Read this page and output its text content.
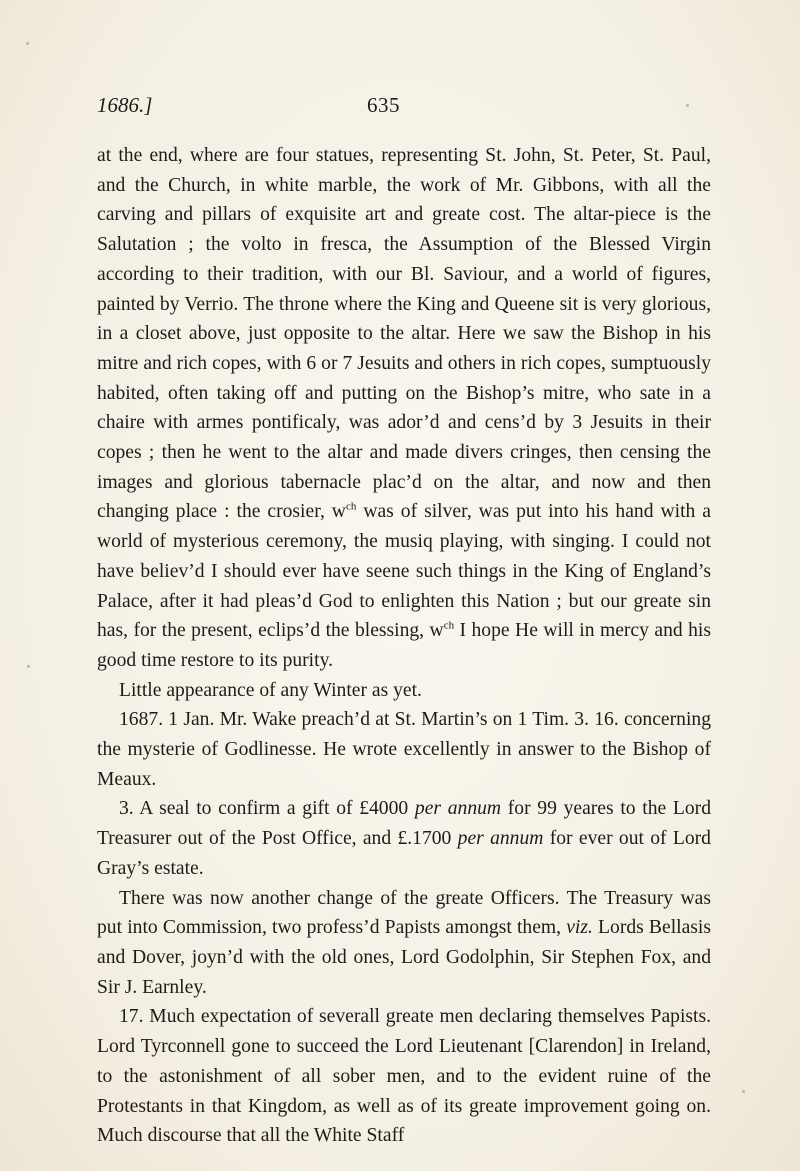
1686.]	635

at the end, where are four statues, representing St. John, St. Peter, St. Paul, and the Church, in white marble, the work of Mr. Gibbons, with all the carving and pillars of exquisite art and greate cost. The altar-piece is the Salutation ; the volto in fresca, the Assumption of the Blessed Virgin according to their tradition, with our Bl. Saviour, and a world of figures, painted by Verrio. The throne where the King and Queene sit is very glorious, in a closet above, just opposite to the altar. Here we saw the Bishop in his mitre and rich copes, with 6 or 7 Jesuits and others in rich copes, sumptuously habited, often taking off and putting on the Bishop’s mitre, who sate in a chaire with armes pontificaly, was ador’d and cens’d by 3 Jesuits in their copes ; then he went to the altar and made divers cringes, then censing the images and glorious tabernacle plac’d on the altar, and now and then changing place : the crosier, $w^{ch}$ was of silver, was put into his hand with a world of mysterious ceremony, the musiq playing, with singing. I could not have believ’d I should ever have seene such things in the King of England’s Palace, after it had pleas’d God to enlighten this Nation ; but our greate sin has, for the present, eclips’d the blessing, $w^{ch}$ I hope He will in mercy and his good time restore to its purity.

Little appearance of any Winter as yet.

1687. 1 Jan. Mr. Wake preach’d at St. Martin’s on 1 Tim. 3. 16. concerning the mysterie of Godlinesse. He wrote excellently in answer to the Bishop of Meaux.

3. A seal to confirm a gift of £4000 per annum for 99 yeares to the Lord Treasurer out of the Post Office, and £.1700 per annum for ever out of Lord Gray’s estate.

There was now another change of the greate Officers. The Treasury was put into Commission, two profess’d Papists amongst them, viz. Lords Bellasis and Dover, joyn’d with the old ones, Lord Godolphin, Sir Stephen Fox, and Sir J. Earnley.

17. Much expectation of severall greate men declaring themselves Papists. Lord Tyrconnell gone to succeed the Lord Lieutenant [Clarendon] in Ireland, to the astonishment of all sober men, and to the evident ruine of the Protestants in that Kingdom, as well as of its greate improvement going on. Much discourse that all the White Staff
